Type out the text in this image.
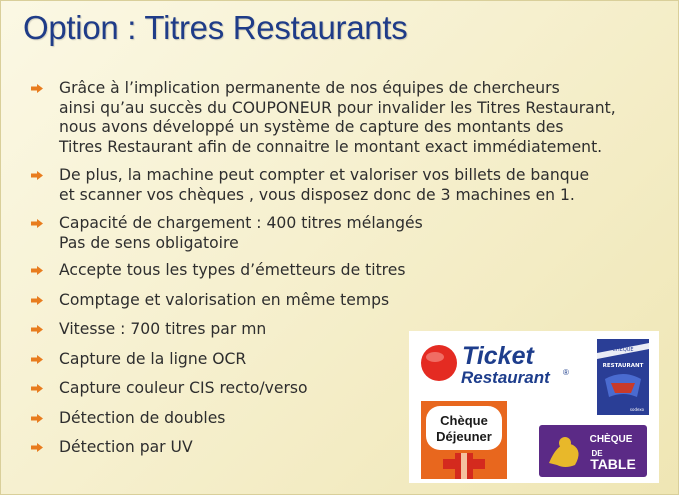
Option : Titres Restaurants
Grâce à l’implication permanente de nos équipes de chercheurs
ainsi qu’au succès du COUPONEUR pour invalider les Titres Restaurant,
nous avons développé un système de capture des montants des
Titres Restaurant afin de connaitre le montant exact immédiatement.
De plus, la machine peut compter et valoriser vos billets de banque
et scanner vos chèques , vous disposez donc de 3 machines en 1.
Capacité de chargement : 400 titres mélangés
Pas de sens obligatoire
Accepte tous les types d’émetteurs de titres
Comptage et valorisation en même temps
Vitesse : 700 titres par mn
Capture de la ligne OCR
Capture couleur CIS recto/verso
Détection de doubles
Détection par UV
Ticket
Restaurant ®
CHÈQUE
RESTAURANT
sodexo
Chèque
Déjeuner	CHÈQUE
DE
TABLE
